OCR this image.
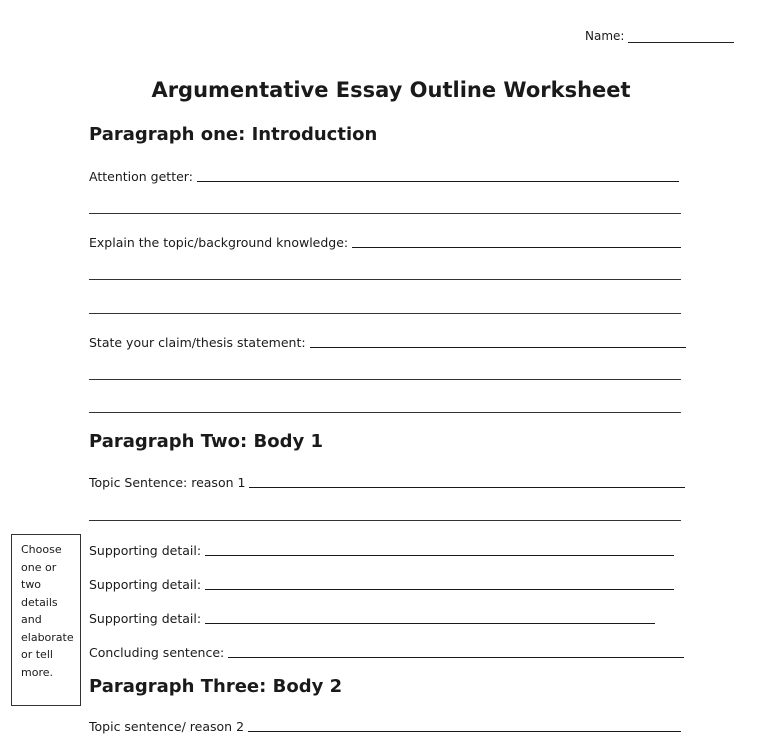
Name:
Argumentative Essay Outline Worksheet
Paragraph one: Introduction
Attention getter:
Explain the topic/background knowledge:
State your claim/thesis statement:
Paragraph Two: Body 1
Topic Sentence: reason 1
Choose
one or
two
details
and
elaborate
or tell
more.
Supporting detail:
Supporting detail:
Supporting detail:
Concluding sentence:
Paragraph Three: Body 2
Topic sentence/ reason 2
